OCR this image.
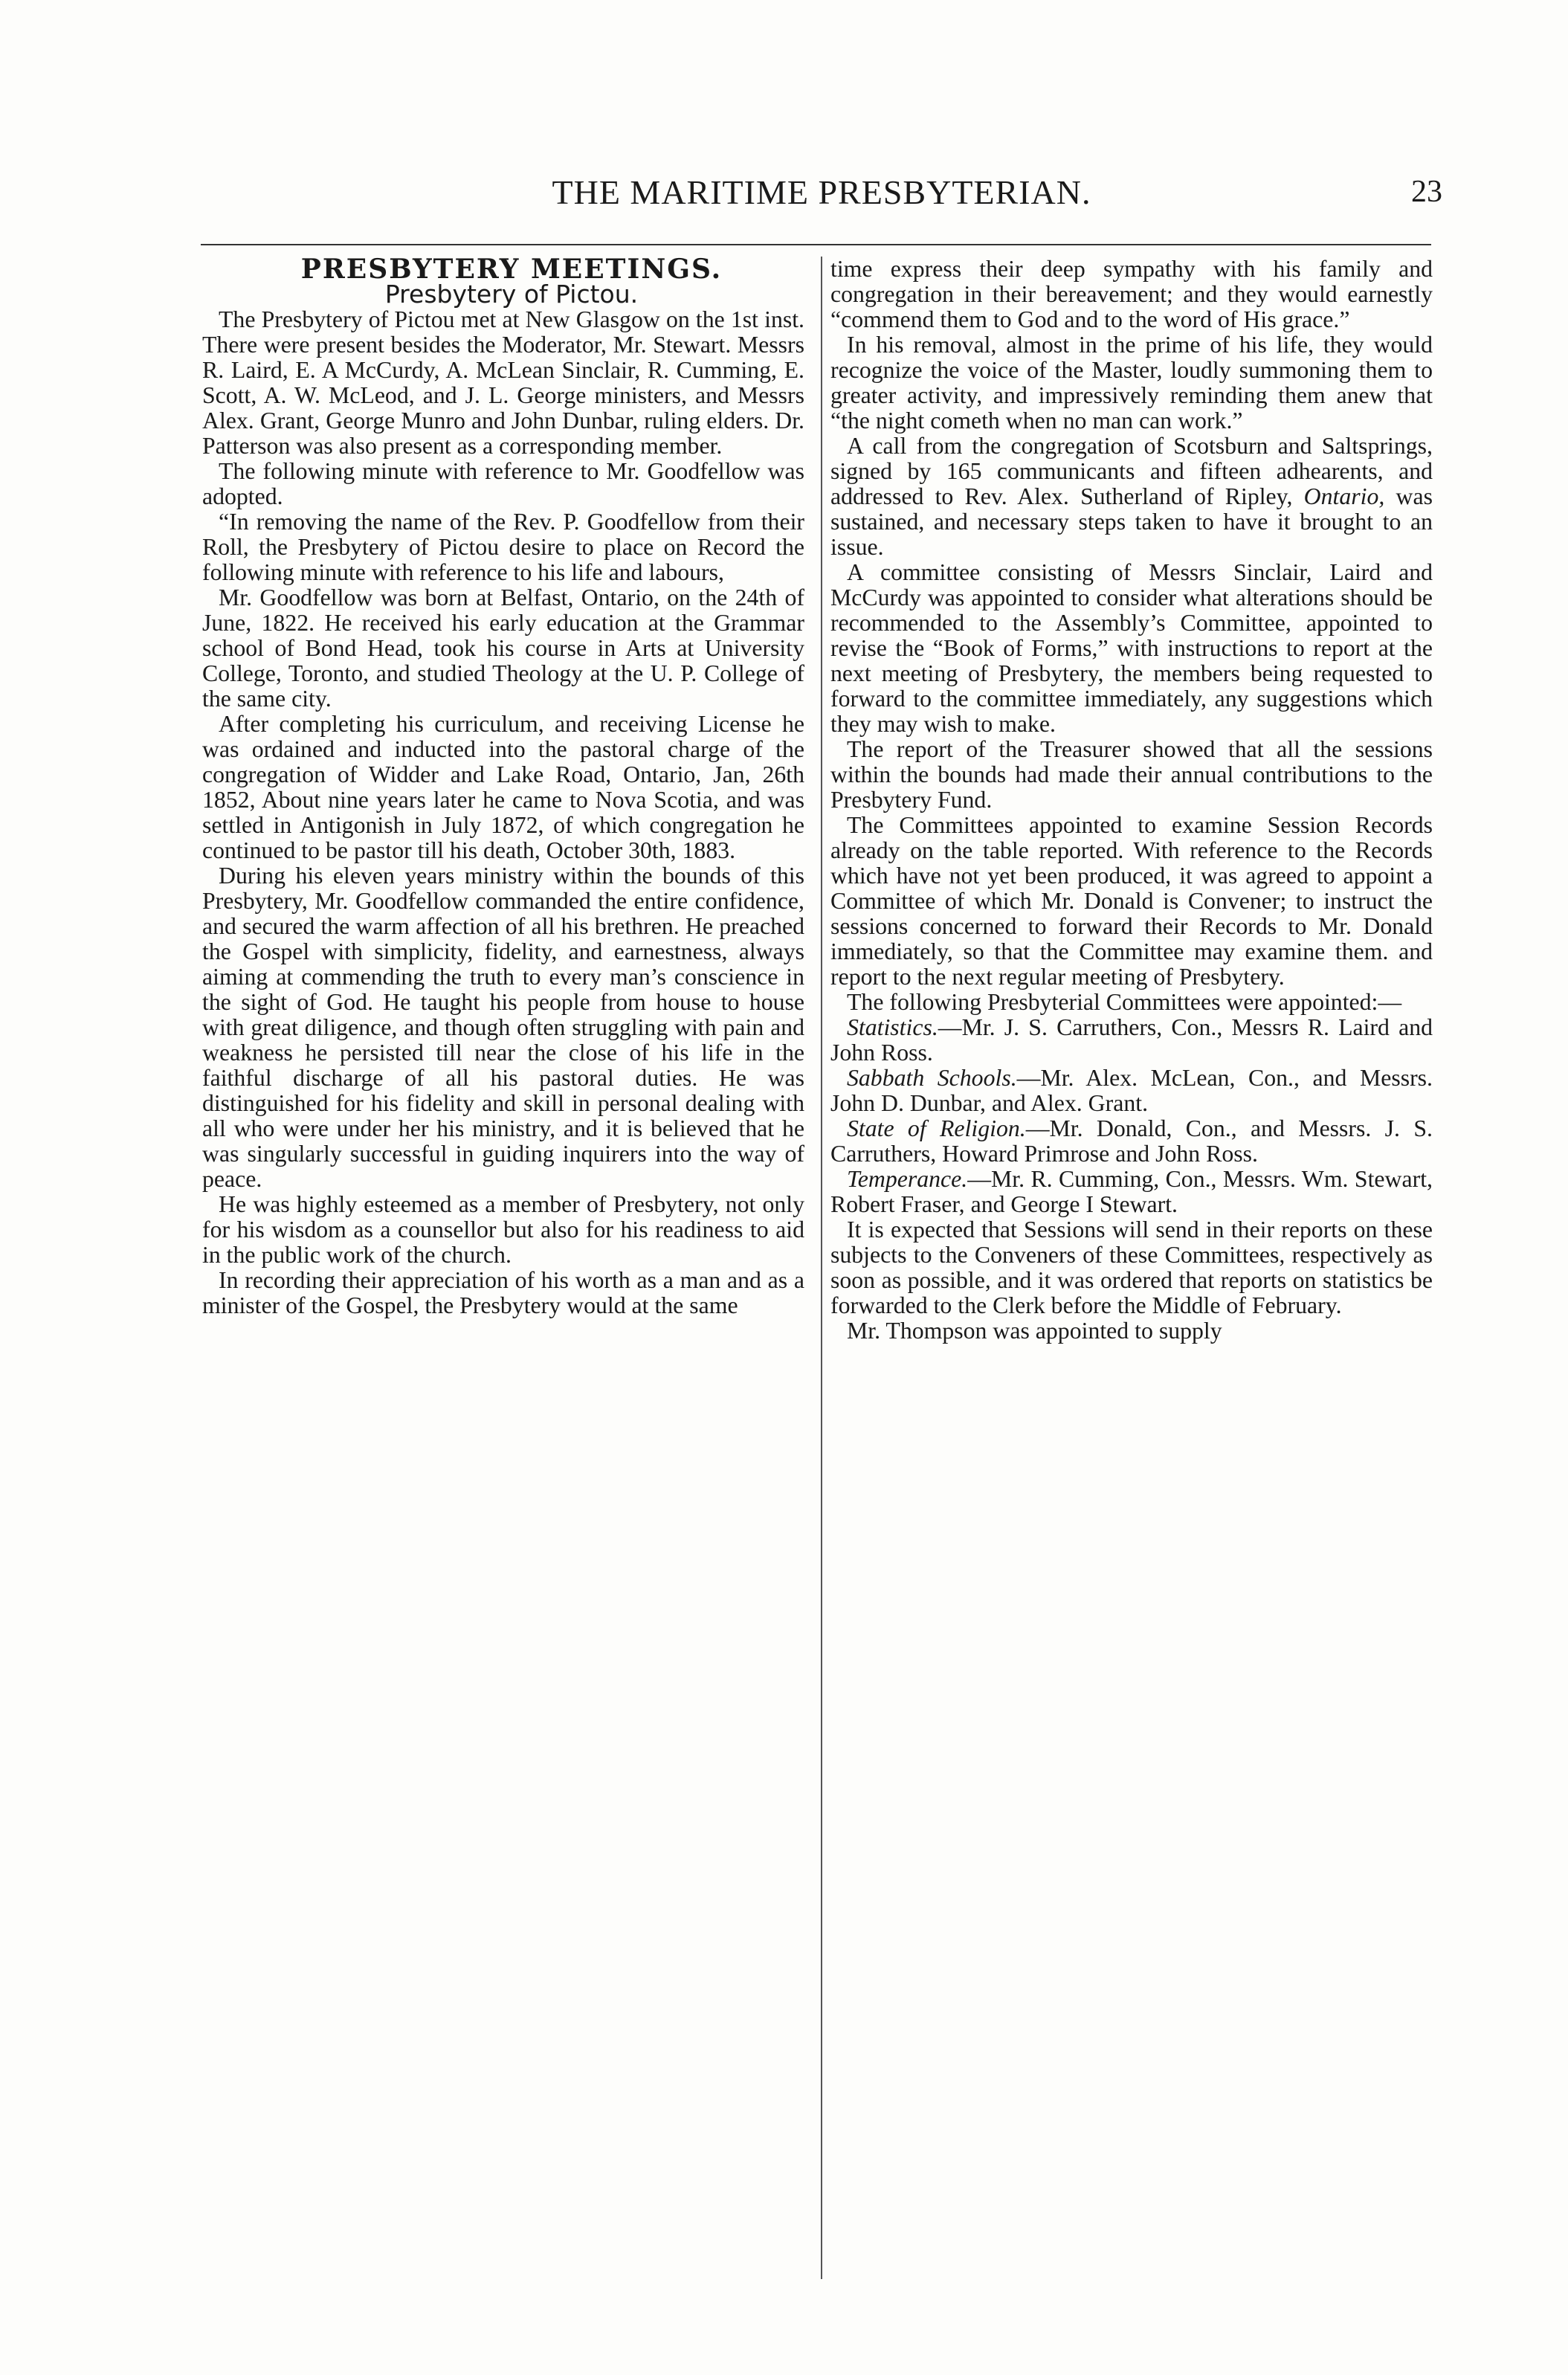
THE MARITIME PRESBYTERIAN.	23

PRESBYTERY MEETINGS.

Presbytery of Pictou.

The Presbytery of Pictou met at New Glasgow on the 1st inst. There were present besides the Moderator, Mr. Stewart. Messrs R. Laird, E. A McCurdy, A. McLean Sinclair, R. Cumming, E. Scott, A. W. McLeod, and J. L. George ministers, and Messrs Alex. Grant, George Munro and John Dunbar, ruling elders. Dr. Patterson was also present as a corresponding member.

The following minute with reference to Mr. Goodfellow was adopted.

“In removing the name of the Rev. P. Goodfellow from their Roll, the Presbytery of Pictou desire to place on Record the following minute with reference to his life and labours,

Mr. Goodfellow was born at Belfast, Ontario, on the 24th of June, 1822. He received his early education at the Grammar school of Bond Head, took his course in Arts at University College, Toronto, and studied Theology at the U. P. College of the same city.

After completing his curriculum, and receiving License he was ordained and inducted into the pastoral charge of the congregation of Widder and Lake Road, Ontario, Jan, 26th 1852, About nine years later he came to Nova Scotia, and was settled in Antigonish in July 1872, of which congregation he continued to be pastor till his death, October 30th, 1883.

During his eleven years ministry within the bounds of this Presbytery, Mr. Goodfellow commanded the entire confidence, and secured the warm affection of all his brethren. He preached the Gospel with simplicity, fidelity, and earnestness, always aiming at commending the truth to every man’s conscience in the sight of God. He taught his people from house to house with great diligence, and though often struggling with pain and weakness he persisted till near the close of his life in the faithful discharge of all his pastoral duties. He was distinguished for his fidelity and skill in personal dealing with all who were under her his ministry, and it is believed that he was singularly successful in guiding inquirers into the way of peace.

He was highly esteemed as a member of Presbytery, not only for his wisdom as a counsellor but also for his readiness to aid in the public work of the church.

In recording their appreciation of his worth as a man and as a minister of the Gospel, the Presbytery would at the same

time express their deep sympathy with his family and congregation in their bereavement; and they would earnestly “commend them to God and to the word of His grace.”

In his removal, almost in the prime of his life, they would recognize the voice of the Master, loudly summoning them to greater activity, and impressively reminding them anew that “the night cometh when no man can work.”

A call from the congregation of Scotsburn and Saltsprings, signed by 165 communicants and fifteen adhearents, and addressed to Rev. Alex. Sutherland of Ripley, Ontario, was sustained, and necessary steps taken to have it brought to an issue.

A committee consisting of Messrs Sinclair, Laird and McCurdy was appointed to consider what alterations should be recommended to the Assembly’s Committee, appointed to revise the “Book of Forms,” with instructions to report at the next meeting of Presbytery, the members being requested to forward to the committee immediately, any suggestions which they may wish to make.

The report of the Treasurer showed that all the sessions within the bounds had made their annual contributions to the Presbytery Fund.

The Committees appointed to examine Session Records already on the table reported. With reference to the Records which have not yet been produced, it was agreed to appoint a Committee of which Mr. Donald is Convener; to instruct the sessions concerned to forward their Records to Mr. Donald immediately, so that the Committee may examine them. and report to the next regular meeting of Presbytery.

The following Presbyterial Committees were appointed:—

Statistics.—Mr. J. S. Carruthers, Con., Messrs R. Laird and John Ross.

Sabbath Schools.—Mr. Alex. McLean, Con., and Messrs. John D. Dunbar, and Alex. Grant.

State of Religion.—Mr. Donald, Con., and Messrs. J. S. Carruthers, Howard Primrose and John Ross.

Temperance.—Mr. R. Cumming, Con., Messrs. Wm. Stewart, Robert Fraser, and George I Stewart.

It is expected that Sessions will send in their reports on these subjects to the Conveners of these Committees, respectively as soon as possible, and it was ordered that reports on statistics be forwarded to the Clerk before the Middle of February.

Mr. Thompson was appointed to supply
